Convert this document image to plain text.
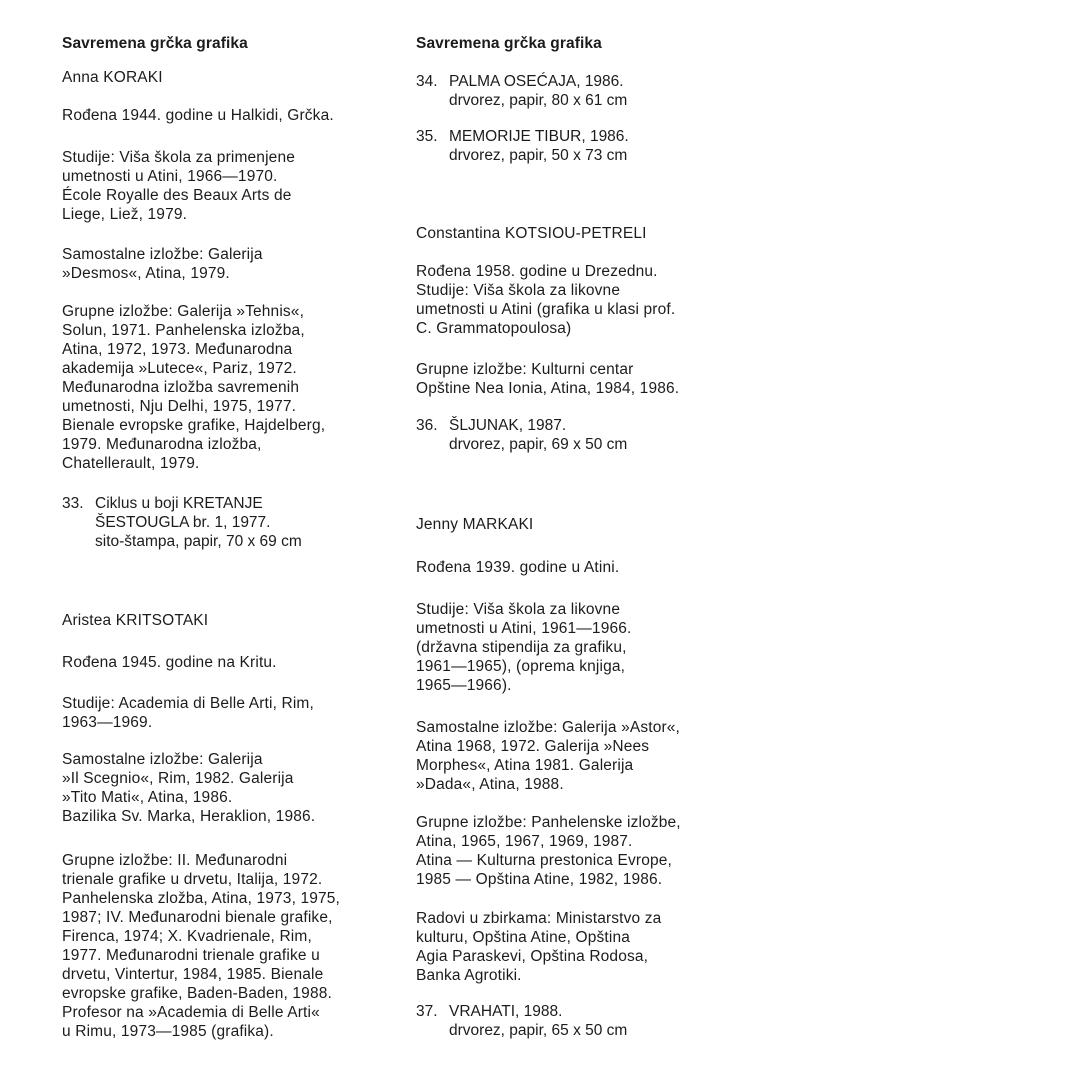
Savremena grčka grafika
Anna KORAKI
Rođena 1944. godine u Halkidi, Grčka.
Studije: Viša škola za primenjene
umetnosti u Atini, 1966—1970.
École Royalle des Beaux Arts de
Liege, Liež, 1979.
Samostalne izložbe: Galerija
»Desmos«, Atina, 1979.
Grupne izložbe: Galerija »Tehnis«,
Solun, 1971. Panhelenska izložba,
Atina, 1972, 1973. Međunarodna
akademija »Lutece«, Pariz, 1972.
Međunarodna izložba savremenih
umetnosti, Nju Delhi, 1975, 1977.
Bienale evropske grafike, Hajdelberg,
1979. Međunarodna izložba,
Chatellerault, 1979.
33. Ciklus u boji KRETANJE
ŠESTOUGLA br. 1, 1977.
sito-štampa, papir, 70 x 69 cm
Aristea KRITSOTAKI
Rođena 1945. godine na Kritu.
Studije: Academia di Belle Arti, Rim,
1963—1969.
Samostalne izložbe: Galerija
»Il Scegnio«, Rim, 1982. Galerija
»Tito Mati«, Atina, 1986.
Bazilika Sv. Marka, Heraklion, 1986.
Grupne izložbe: II. Međunarodni
trienale grafike u drvetu, Italija, 1972.
Panhelenska zložba, Atina, 1973, 1975,
1987; IV. Međunarodni bienale grafike,
Firenca, 1974; X. Kvadrienale, Rim,
1977. Međunarodni trienale grafike u
drvetu, Vintertur, 1984, 1985. Bienale
evropske grafike, Baden-Baden, 1988.
Profesor na »Academia di Belle Arti«
u Rimu, 1973—1985 (grafika).
Savremena grčka grafika
34. PALMA OSEĆAJA, 1986.
drvorez, papir, 80 x 61 cm
35. MEMORIJE TIBUR, 1986.
drvorez, papir, 50 x 73 cm
Constantina KOTSIOU-PETRELI
Rođena 1958. godine u Drezednu.
Studije: Viša škola za likovne
umetnosti u Atini (grafika u klasi prof.
C. Grammatopoulosa)
Grupne izložbe: Kulturni centar
Opštine Nea Ionia, Atina, 1984, 1986.
36. ŠLJUNAK, 1987.
drvorez, papir, 69 x 50 cm
Jenny MARKAKI
Rođena 1939. godine u Atini.
Studije: Viša škola za likovne
umetnosti u Atini, 1961—1966.
(državna stipendija za grafiku,
1961—1965), (oprema knjiga,
1965—1966).
Samostalne izložbe: Galerija »Astor«,
Atina 1968, 1972. Galerija »Nees
Morphes«, Atina 1981. Galerija
»Dada«, Atina, 1988.
Grupne izložbe: Panhelenske izložbe,
Atina, 1965, 1967, 1969, 1987.
Atina — Kulturna prestonica Evrope,
1985 — Opština Atine, 1982, 1986.
Radovi u zbirkama: Ministarstvo za
kulturu, Opština Atine, Opština
Agia Paraskevi, Opština Rodosa,
Banka Agrotiki.
37. VRAHATI, 1988.
drvorez, papir, 65 x 50 cm
